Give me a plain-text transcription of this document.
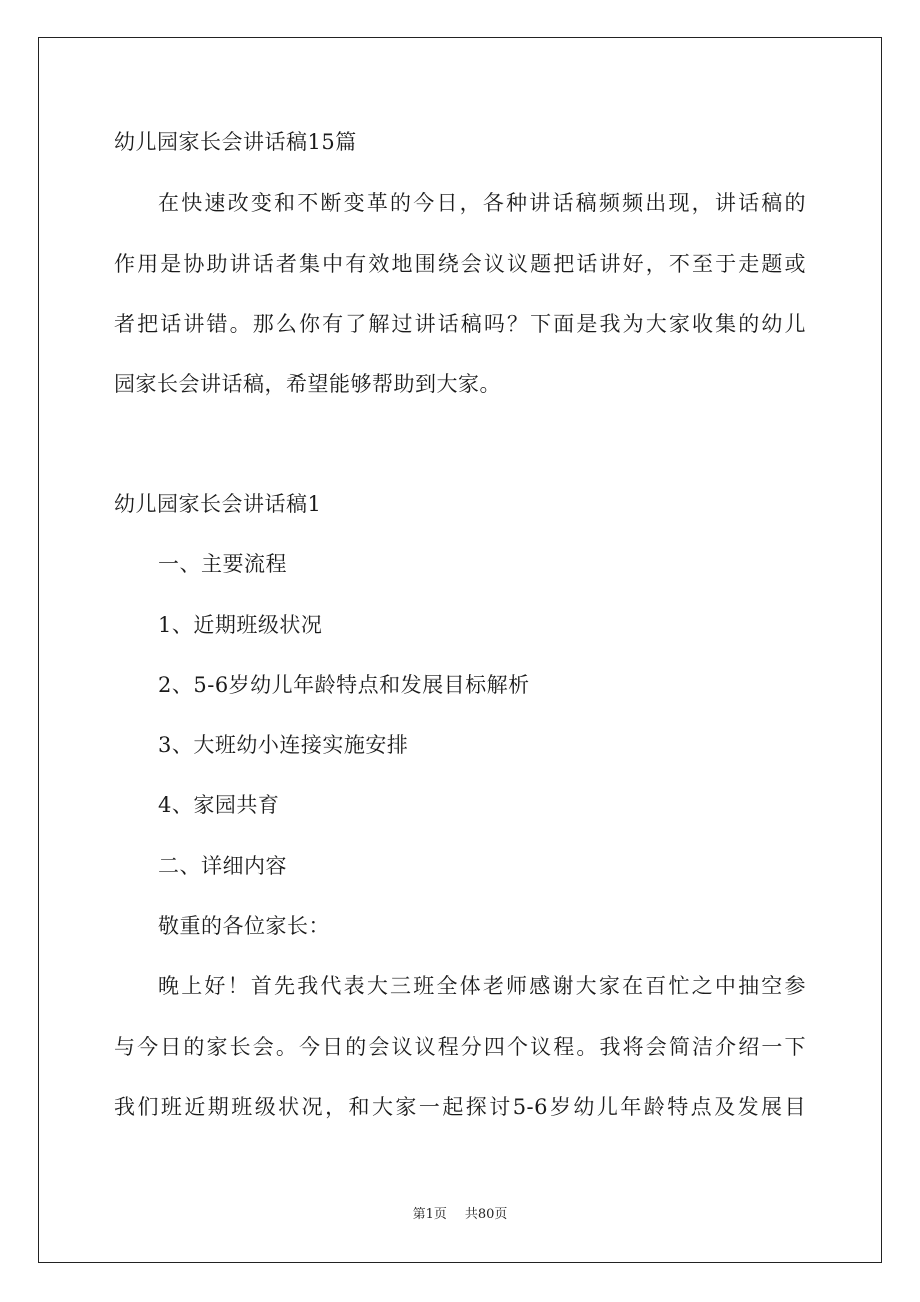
幼儿园家长会讲话稿15篇
在快速改变和不断变革的今日，各种讲话稿频频出现，讲话稿的
作用是协助讲话者集中有效地围绕会议议题把话讲好，不至于走题或
者把话讲错。那么你有了解过讲话稿吗？下面是我为大家收集的幼儿
园家长会讲话稿，希望能够帮助到大家。
幼儿园家长会讲话稿1
一、主要流程
1、近期班级状况
2、5-6岁幼儿年龄特点和发展目标解析
3、大班幼小连接实施安排
4、家园共育
二、详细内容
敬重的各位家长：
晚上好！首先我代表大三班全体老师感谢大家在百忙之中抽空参
与今日的家长会。今日的会议议程分四个议程。我将会简洁介绍一下
我们班近期班级状况，和大家一起探讨5-6岁幼儿年龄特点及发展目
第1页 共80页
